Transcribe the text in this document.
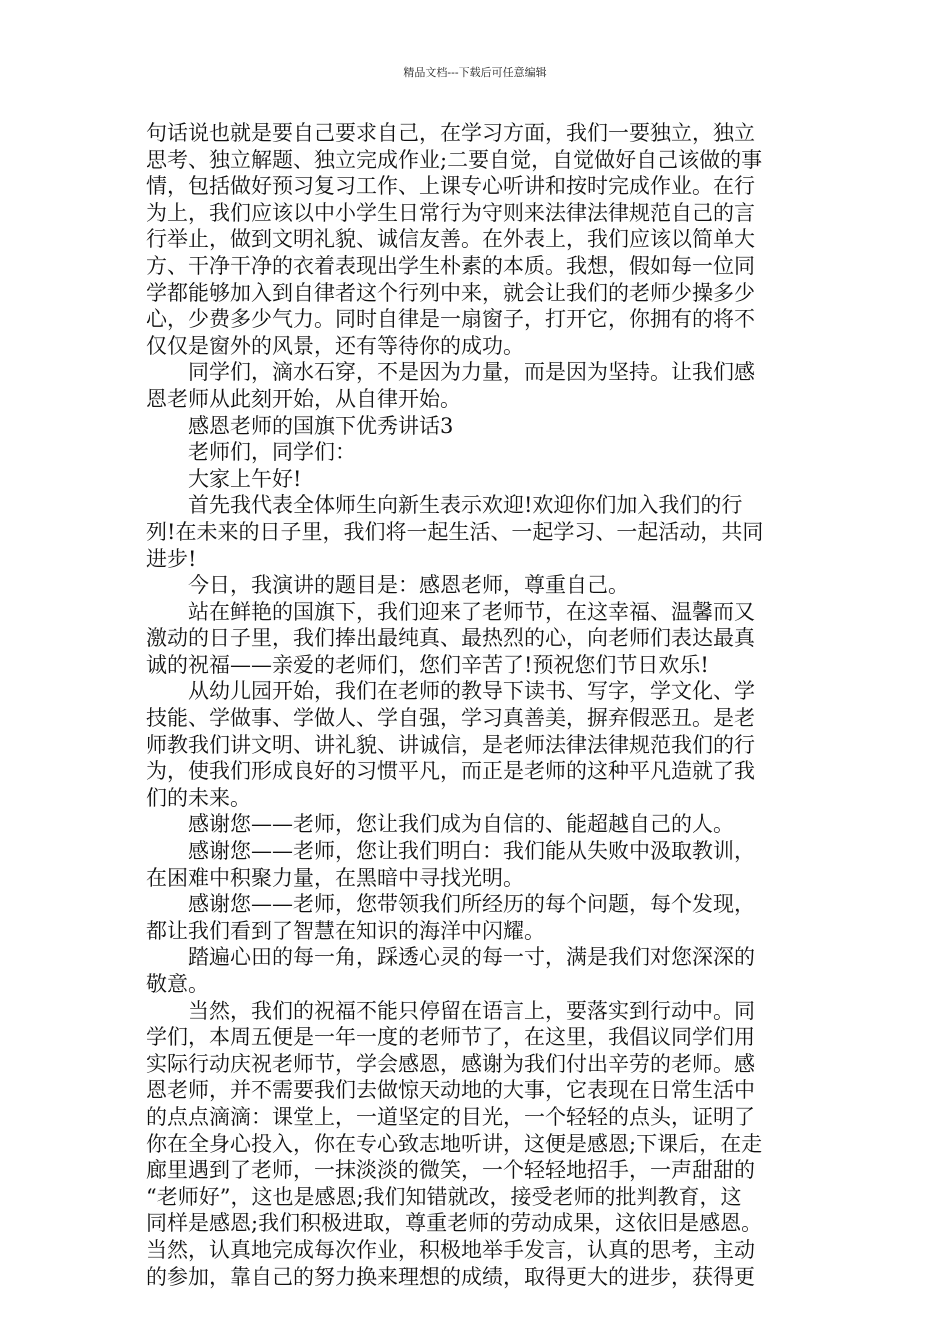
精品文档---下载后可任意编辑
句话说也就是要自己要求自己，在学习方面，我们一要独立，独立
思考、独立解题、独立完成作业;二要自觉，自觉做好自己该做的事
情，包括做好预习复习工作、上课专心听讲和按时完成作业。在行
为上，我们应该以中小学生日常行为守则来法律法律规范自己的言
行举止，做到文明礼貌、诚信友善。在外表上，我们应该以简单大
方、干净干净的衣着表现出学生朴素的本质。我想，假如每一位同
学都能够加入到自律者这个行列中来，就会让我们的老师少操多少
心，少费多少气力。同时自律是一扇窗子，打开它，你拥有的将不
仅仅是窗外的风景，还有等待你的成功。
　　同学们，滴水石穿，不是因为力量，而是因为坚持。让我们感
恩老师从此刻开始，从自律开始。
　　感恩老师的国旗下优秀讲话3
　　老师们，同学们：
　　大家上午好!
　　首先我代表全体师生向新生表示欢迎!欢迎你们加入我们的行
列!在未来的日子里，我们将一起生活、一起学习、一起活动，共同
进步!
　　今日，我演讲的题目是：感恩老师，尊重自己。
　　站在鲜艳的国旗下，我们迎来了老师节，在这幸福、温馨而又
激动的日子里，我们捧出最纯真、最热烈的心，向老师们表达最真
诚的祝福——亲爱的老师们，您们辛苦了!预祝您们节日欢乐!
　　从幼儿园开始，我们在老师的教导下读书、写字，学文化、学
技能、学做事、学做人、学自强，学习真善美，摒弃假恶丑。是老
师教我们讲文明、讲礼貌、讲诚信，是老师法律法律规范我们的行
为，使我们形成良好的习惯平凡，而正是老师的这种平凡造就了我
们的未来。
　　感谢您——老师，您让我们成为自信的、能超越自己的人。
　　感谢您——老师，您让我们明白：我们能从失败中汲取教训，
在困难中积聚力量，在黑暗中寻找光明。
　　感谢您——老师，您带领我们所经历的每个问题，每个发现，
都让我们看到了智慧在知识的海洋中闪耀。
　　踏遍心田的每一角，踩透心灵的每一寸，满是我们对您深深的
敬意。
　　当然，我们的祝福不能只停留在语言上，要落实到行动中。同
学们，本周五便是一年一度的老师节了，在这里，我倡议同学们用
实际行动庆祝老师节，学会感恩，感谢为我们付出辛劳的老师。感
恩老师，并不需要我们去做惊天动地的大事，它表现在日常生活中
的点点滴滴：课堂上，一道坚定的目光，一个轻轻的点头，证明了
你在全身心投入，你在专心致志地听讲，这便是感恩;下课后，在走
廊里遇到了老师，一抹淡淡的微笑，一个轻轻地招手，一声甜甜的
“老师好”，这也是感恩;我们知错就改，接受老师的批判教育，这
同样是感恩;我们积极进取，尊重老师的劳动成果，这依旧是感恩。
当然，认真地完成每次作业，积极地举手发言，认真的思考，主动
的参加，靠自己的努力换来理想的成绩，取得更大的进步，获得更
